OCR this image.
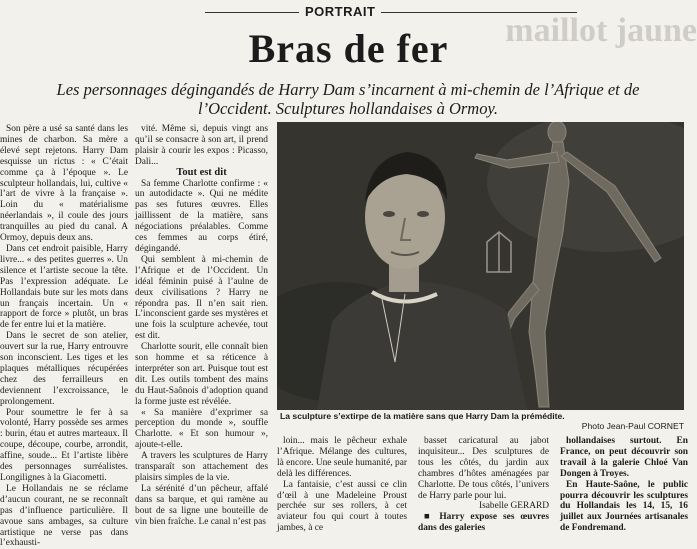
PORTRAIT
maillot jaune
Bras de fer
Les personnages dégingandés de Harry Dam s’incarnent à mi-chemin de l’Afrique et de l’Occident. Sculptures hollandaises à Ormoy.

Son père a usé sa santé dans les mines de charbon. Sa mère a élevé sept rejetons. Harry Dam esquisse un rictus : « C’était comme ça à l’époque ». Le sculpteur hollandais, lui, cultive « l’art de vivre à la française ». Loin du « matérialisme néerlandais », il coule des jours tranquilles au pied du canal. A Ormoy, depuis deux ans.

Dans cet endroit paisible, Harry livre... « des petites guerres ». Un silence et l’artiste secoue la tête. Pas l’expression adéquate. Le Hollandais bute sur les mots dans un français incertain. Un « rapport de force » plutôt, un bras de fer entre lui et la matière.

Dans le secret de son atelier, ouvert sur la rue, Harry entrouvre son inconscient. Les tiges et les plaques métalliques récupérées chez des ferrailleurs en deviennent l’excroissance, le prolongement.

Pour soumettre le fer à sa volonté, Harry possède ses armes : burin, étau et autres marteaux. Il coupe, découpe, courbe, arrondit, affine, soude... Et l’artiste libère des personnages surréalistes. Longilignes à la Giacometti.

Le Hollandais ne se réclame d’aucun courant, ne se reconnaît pas d’influence particulière. Il avoue sans ambages, sa culture artistique ne verse pas dans l’exhausti-

vité. Même si, depuis vingt ans qu’il se consacre à son art, il prend plaisir à courir les expos : Picasso, Dali...

Tout est dit

Sa femme Charlotte confirme : « un autodidacte ». Qui ne médite pas ses futures œuvres. Elles jaillissent de la matière, sans négociations préalables. Comme ces femmes au corps étiré, dégingandé.

Qui semblent à mi-chemin de l’Afrique et de l’Occident. Un idéal féminin puisé à l’aulne de deux civilisations ? Harry ne répondra pas. Il n’en sait rien. L’inconscient garde ses mystères et une fois la sculpture achevée, tout est dit.

Charlotte sourit, elle connaît bien son homme et sa réticence à interpréter son art. Puisque tout est dit. Les outils tombent des mains du Haut-Saônois d’adoption quand la forme juste est révélée.

« Sa manière d’exprimer sa perception du monde », souffle Charlotte. « Et son humour », ajoute-t-elle.

A travers les sculptures de Harry transparaît son attachement des plaisirs simples de la vie.

La sérénité d’un pêcheur, affalé dans sa barque, et qui ramène au bout de sa ligne une bouteille de vin bien fraîche. Le canal n’est pas

La sculpture s’extirpe de la matière sans que Harry Dam la prémédite.
Photo Jean-Paul CORNET

loin... mais le pêcheur exhale l’Afrique. Mélange des cultures, là encore. Une seule humanité, par delà les différences.

La fantaisie, c’est aussi ce clin d’œil à une Madeleine Proust perchée sur ses rollers, à cet aviateur fou qui court à toutes jambes, à ce

basset caricatural au jabot inquisiteur... Des sculptures de tous les côtés, du jardin aux chambres d’hôtes aménagées par Charlotte. De tous côtés, l’univers de Harry parle pour lui.

Isabelle GERARD

■ Harry expose ses œuvres dans des galeries

hollandaises surtout. En France, on peut découvrir son travail à la galerie Chloé Van Dongen à Troyes.

En Haute-Saône, le public pourra découvrir les sculptures du Hollandais les 14, 15, 16 juillet aux Journées artisanales de Fondremand.
